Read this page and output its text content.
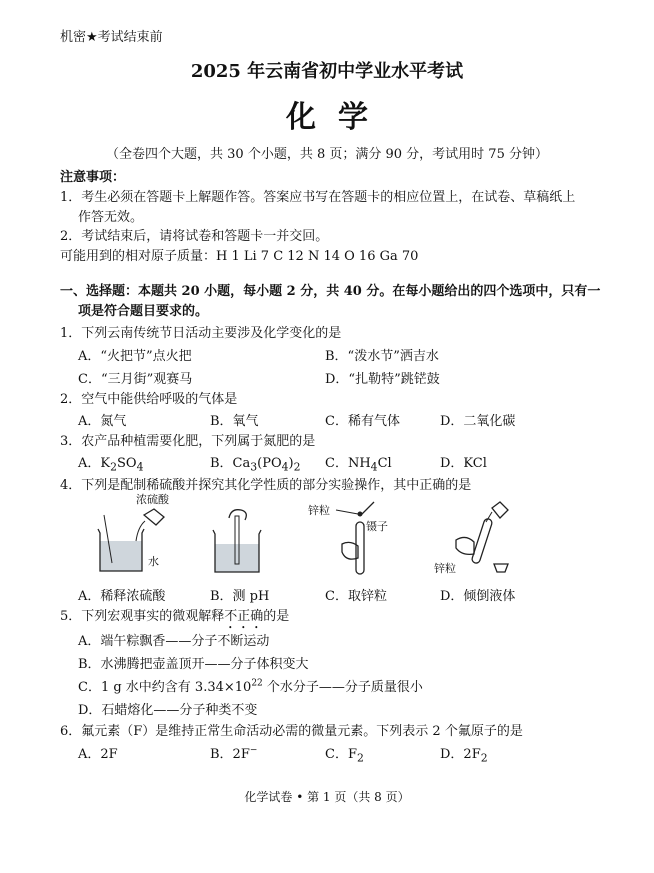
机密★考试结束前
2025 年云南省初中学业水平考试
化学
（全卷四个大题，共 30 个小题，共 8 页；满分 90 分，考试用时 75 分钟）
注意事项：
1．考生必须在答题卡上解题作答。答案应书写在答题卡的相应位置上，在试卷、草稿纸上
作答无效。
2．考试结束后，请将试卷和答题卡一并交回。
可能用到的相对原子质量：H 1 Li 7 C 12 N 14 O 16 Ga 70
一、选择题：本题共 20 小题，每小题 2 分，共 40 分。在每小题给出的四个选项中，只有一
项是符合题目要求的。
1．下列云南传统节日活动主要涉及化学变化的是
A．“火把节”点火把	B．“泼水节”洒吉水
C．“三月街”观赛马	D．“扎勒特”跳铓鼓
2．空气中能供给呼吸的气体是
A．氮气	B．氧气	C．稀有气体	D．二氧化碳
3．农产品种植需要化肥，下列属于氮肥的是
A．$K_2SO_4$	B．$Ca_3(PO_4)_2$ C．$NH_4Cl$	D．KCl
4．下列是配制稀硫酸并探究其化学性质的部分实验操作，其中正确的是
浓硫酸
水
锌粒
镊子
锌粒
A．稀释浓硫酸	B．测 pH	C．取锌粒	D．倾倒液体
5．下列宏观事实的微观解释不正确的是
A．端午粽飘香——分子不断运动
B．水沸腾把壶盖顶开——分子体积变大
C．1 g 水中约含有 $3.34\times 10^{22}$ 个水分子——分子质量很小
D．石蜡熔化——分子种类不变
6．氟元素（F）是维持正常生命活动必需的微量元素。下列表示 2 个氟原子的是
A．2F	B．2F−	C．$F_2$	D．$2F_2$
化学试卷 • 第 1 页（共 8 页）
